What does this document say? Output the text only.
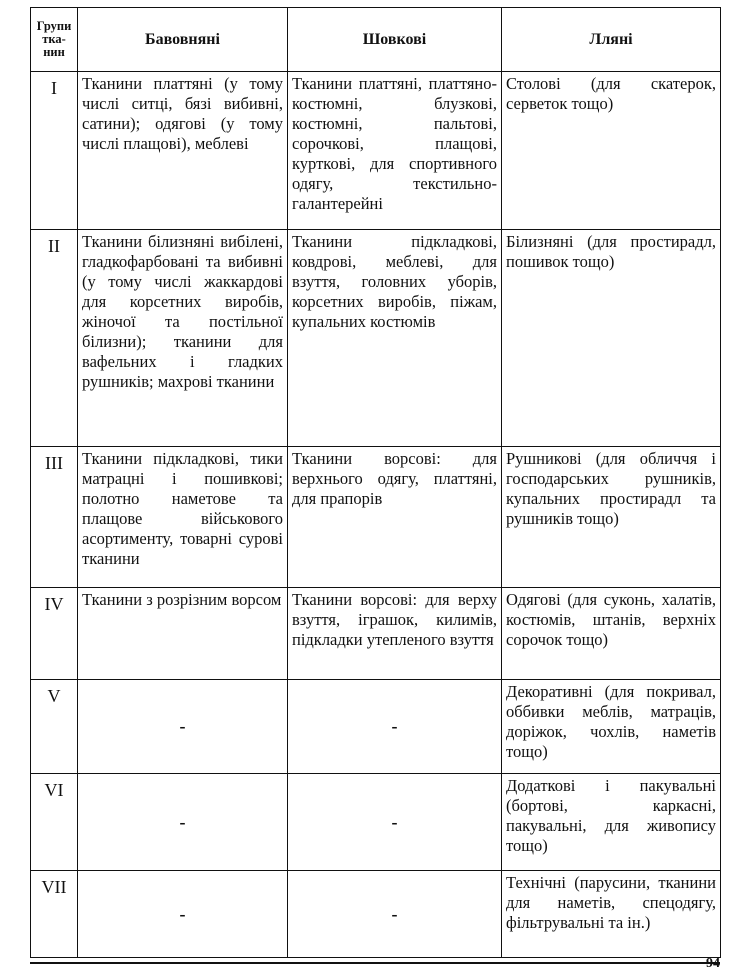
Групи тка-нин	Бавовняні	Шовкові	Лляні
I	Тканини платтяні (у тому числі ситці, бязі вибивні, сатини); одягові (у тому числі плащові), меблеві	Тканини платтяні, платтяно-костюмні, блузкові, костюмні, пальтові, сорочкові, плащові, курткові, для спортивного одягу, текстильно-галантерейні	Столові (для скатерок, серветок тощо)
II	Тканини білизняні вибілені, гладкофарбовані та вибивні (у тому числі жаккардові для корсетних виробів, жіночої та постільної білизни); тканини для вафельних і гладких рушників; махрові тканини	Тканини підкладкові, ковдрові, меблеві, для взуття, головних уборів, корсетних виробів, піжам, купальних костюмів	Білизняні (для простирадл, пошивок тощо)
III	Тканини підкладкові, тики матрацні і пошивкові; полотно наметове та плащове військового асортименту, товарні сурові тканини	Тканини ворсові: для верхнього одягу, платтяні, для прапорів	Рушникові (для обличчя і господарських рушників, купальних простирадл та рушників тощо)
IV	Тканини з розрізним ворсом	Тканини ворсові: для верху взуття, іграшок, килимів, підкладки утепленого взуття	Одягові (для суконь, халатів, костюмів, штанів, верхніх сорочок тощо)
V	-	-	Декоративні (для покривал, оббивки меблів, матраців, доріжок, чохлів, наметів тощо)
VI	-	-	Додаткові і пакувальні (бортові, каркасні, пакувальні, для живопису тощо)
VII	-	-	Технічні (парусини, тканини для наметів, спецодягу, фільтрувальні та ін.)
94
